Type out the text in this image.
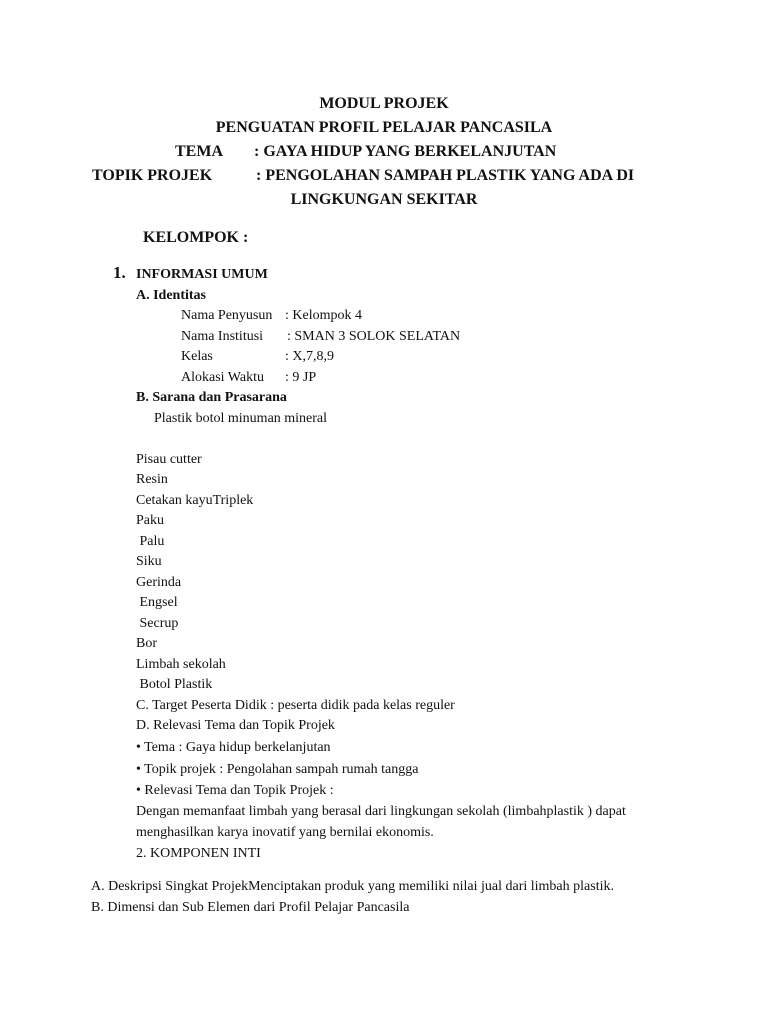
MODUL PROJEK
PENGUATAN PROFIL PELAJAR PANCASILA
TEMA : GAYA HIDUP YANG BERKELANJUTAN
TOPIK PROJEK	: PENGOLAHAN SAMPAH PLASTIK YANG ADA DI
LINGKUNGAN SEKITAR
KELOMPOK :
1. INFORMASI UMUM
A. Identitas
Nama Penyusun : Kelompok 4
Nama Institusi : SMAN 3 SOLOK SELATAN
Kelas	: X,7,8,9
Alokasi Waktu : 9 JP
B. Sarana dan Prasarana
Plastik botol minuman mineral
Pisau cutter
Resin
Cetakan kayuTriplek
Paku
Palu
Siku
Gerinda
Engsel
Secrup
Bor
Limbah sekolah
Botol Plastik
C. Target Peserta Didik : peserta didik pada kelas reguler
D. Relevasi Tema dan Topik Projek
• Tema : Gaya hidup berkelanjutan
• Topik projek : Pengolahan sampah rumah tangga
• Relevasi Tema dan Topik Projek :
Dengan memanfaat limbah yang berasal dari lingkungan sekolah (limbahplastik ) dapat
menghasilkan karya inovatif yang bernilai ekonomis.
2. KOMPONEN INTI
A. Deskripsi Singkat ProjekMenciptakan produk yang memiliki nilai jual dari limbah plastik.
B. Dimensi dan Sub Elemen dari Profil Pelajar Pancasila
